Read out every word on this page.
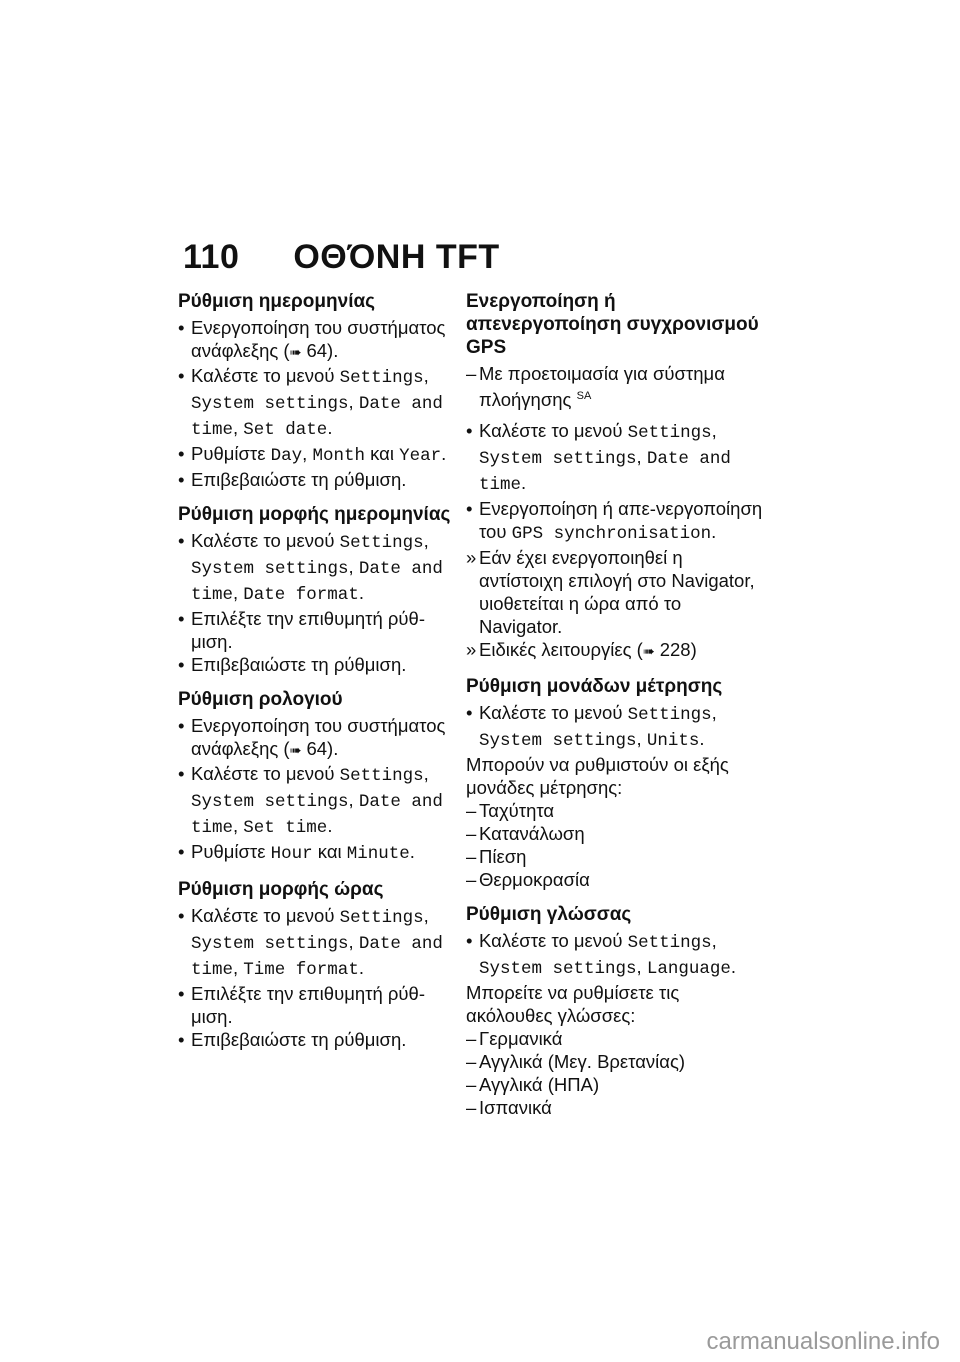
110 ΟΘΌΝΗ TFT
Ρύθμιση ημερομηνίας
• Ενεργοποίηση του συστήματος ανάφλεξης (➠ 64).
• Καλέστε το μενού Settings, System settings, Date and time, Set date.
• Ρυθμίστε Day, Month και Year.
• Επιβεβαιώστε τη ρύθμιση.
Ρύθμιση μορφής ημερομηνίας
• Καλέστε το μενού Settings, System settings, Date and time, Date format.
• Επιλέξτε την επιθυμητή ρύθ-μιση.
• Επιβεβαιώστε τη ρύθμιση.
Ρύθμιση ρολογιού
• Ενεργοποίηση του συστήματος ανάφλεξης (➠ 64).
• Καλέστε το μενού Settings, System settings, Date and time, Set time.
• Ρυθμίστε Hour και Minute.
Ρύθμιση μορφής ώρας
• Καλέστε το μενού Settings, System settings, Date and time, Time format.
• Επιλέξτε την επιθυμητή ρύθ-μιση.
• Επιβεβαιώστε τη ρύθμιση.
Ενεργοποίηση ή απενεργοποίηση συγχρονισμού GPS
– Με προετοιμασία για σύστημα πλοήγησης $^{SA}$
• Καλέστε το μενού Settings, System settings, Date and time.
• Ενεργοποίηση ή απε-νεργοποίηση του GPS synchronisation.
» Εάν έχει ενεργοποιηθεί η αντίστοιχη επιλογή στο Navigator, υιοθετείται η ώρα από το Navigator.
» Ειδικές λειτουργίες (➠ 228)
Ρύθμιση μονάδων μέτρησης
• Καλέστε το μενού Settings, System settings, Units.

Μπορούν να ρυθμιστούν οι εξής μονάδες μέτρησης:

– Ταχύτητα
– Κατανάλωση
– Πίεση
– Θερμοκρασία
Ρύθμιση γλώσσας
• Καλέστε το μενού Settings, System settings, Language.

Μπορείτε να ρυθμίσετε τις ακόλουθες γλώσσες:

– Γερμανικά
– Αγγλικά (Μεγ. Βρετανίας)
– Αγγλικά (ΗΠΑ)
– Ισπανικά
carmanualsonline.info
